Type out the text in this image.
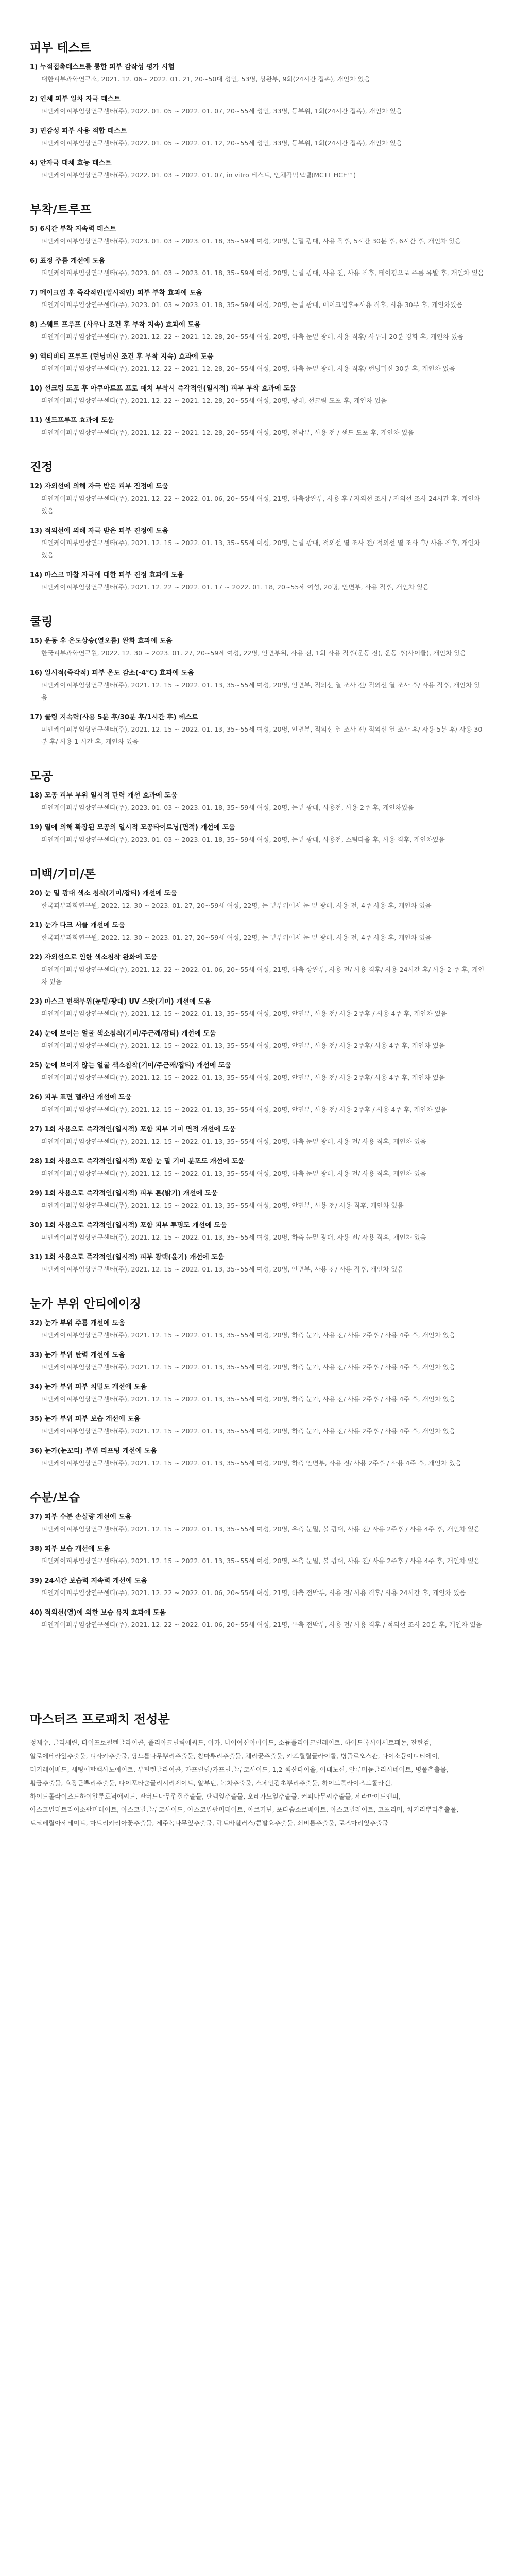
피부 테스트

1) 누적접촉테스트를 통한 피부 감작성 평가 시험

대한피부과학연구소, 2021. 12. 06~ 2022. 01. 21, 20~50대 성인, 53명, 상완부, 9회(24시간 접촉), 개인차 있음

2) 인체 피부 일차 자극 테스트

피엔케이피부임상연구센타(주), 2022. 01. 05 ~ 2022. 01. 07, 20~55세 성인, 33명, 등부위, 1회(24시간 접촉), 개인차 있음

3) 민감성 피부 사용 적합 테스트

피엔케이피부임상연구센타(주), 2022. 01. 05 ~ 2022. 01. 12, 20~55세 성인, 33명, 등부위, 1회(24시간 접촉), 개인차 있음

4) 안자극 대체 효능 테스트

피엔케이피부임상연구센타(주), 2022. 01. 03 ~ 2022. 01. 07, in vitro 테스트, 인체각막모델(MCTT HCE™)

부착/트루프

5) 6시간 부착 지속력 테스트

피엔케이피부임상연구센타(주), 2023. 01. 03 ~ 2023. 01. 18, 35~59세 여성, 20명, 눈밑 광대, 사용 직후, 5시간 30분 후, 6시간 후, 개인차 있음

6) 표정 주름 개선에 도움

피엔케이피부임상연구센타(주), 2023. 01. 03 ~ 2023. 01. 18, 35~59세 여성, 20명, 눈밑 광대, 사용 전, 사용 직후, 테이핑으로 주름 유발 후, 개인차 있음

7) 메이크업 후 즉각적인(일시적인) 피부 부착 효과에 도움

피엔케이피부임상연구센타(주), 2023. 01. 03 ~ 2023. 01. 18, 35~59세 여성, 20명, 눈밑 광대, 메이크업후+사용 직후, 사용 30부 후, 개인차있음

8) 스웨트 프루프 (사우나 조건 후 부착 지속) 효과에 도움

피엔케이피부임상연구센타(주), 2021. 12. 22 ~ 2021. 12. 28, 20~55세 여성, 20명, 하측 눈밑 광대, 사용 직후/ 사우나 20분 경화 후, 개인차 있음

9) 액티비티 프루프 (런닝머신 조건 후 부착 지속) 효과에 도움

피엔케이피부임상연구센타(주), 2021. 12. 22 ~ 2021. 12. 28, 20~55세 여성, 20명, 하측 눈밑 광대, 사용 직후/ 런닝머신 30분 후, 개인차 있음

10) 선크림 도포 후 아쿠아트프 프로 패치 부착시 즉각적인(일시적) 피부 부착 효과에 도움

피엔케이피부임상연구센타(주), 2021. 12. 22 ~ 2021. 12. 28, 20~55세 여성, 20명, 광대, 선크림 도포 후, 개인차 있음

11) 샌드프루프 효과에 도움

피엔케이피부임상연구센타(주), 2021. 12. 22 ~ 2021. 12. 28, 20~55세 여성, 20명, 전박부, 사용 전 / 샌드 도포 후, 개인차 있음

진정

12) 자외선에 의해 자극 받은 피부 진정에 도움

피엔케이피부임상연구센타(주), 2021. 12. 22 ~ 2022. 01. 06, 20~55세 여성, 21명, 하측상완부, 사용 후 / 자외선 조사 / 자외선 조사 24시간 후, 개인차 있음

13) 적외선에 의해 자극 받은 피부 진정에 도움

피엔케이피부임상연구센타(주), 2021. 12. 15 ~ 2022. 01. 13, 35~55세 여성, 20명, 눈밑 광대, 적외선 열 조사 전/ 적외선 열 조사 후/ 사용 직후, 개인차 있음

14) 마스크 마찰 자극에 대한 피부 진정 효과에 도움

피엔케이피부임상연구센타(주), 2021. 12. 22 ~ 2022. 01. 17 ~ 2022. 01. 18, 20~55세 여성, 20명, 안면부, 사용 직후, 개인차 있음

쿨링

15) 운동 후 온도상승(열오름) 완화 효과에 도움

한국피부과학연구원, 2022. 12. 30 ~ 2023. 01. 27, 20~59세 여성, 22명, 안면부위, 사용 전, 1회 사용 직후(운동 전), 운동 후(사이클), 개인차 있음

16) 일시적(즉각적) 피부 온도 감소(-4°C) 효과에 도움

피엔케이피부임상연구센타(주), 2021. 12. 15 ~ 2022. 01. 13, 35~55세 여성, 20명, 안면부, 적외선 열 조사 전/ 적외선 열 조사 후/ 사용 직후, 개인차 있음

17) 쿨링 지속력(사용 5분 후/30분 후/1시간 후) 테스트

피엔케이피부임상연구센타(주), 2021. 12. 15 ~ 2022. 01. 13, 35~55세 여성, 20명, 안면부, 적외선 열 조사 전/ 적외선 열 조사 후/ 사용 5분 후/ 사용 30분 후/ 사용 1 시간 후, 개인차 있음

모공

18) 모공 피부 부위 일시적 탄력 개선 효과에 도움

피엔케이피부임상연구센타(주), 2023. 01. 03 ~ 2023. 01. 18, 35~59세 여성, 20명, 눈밑 광대, 사용전, 사용 2주 후, 개인차있음

19) 열에 의해 확장된 모공의 일시적 모공타이트닝(면적) 개선에 도움

피엔케이피부임상연구센타(주), 2023. 01. 03 ~ 2023. 01. 18, 35~59세 여성, 20명, 눈밑 광대, 사용전, 스팀타올 후, 사용 직후, 개인차있음

미백/기미/톤

20) 눈 밑 광대 색소 침착(기미/잡티) 개선에 도움

한국피부과학연구원, 2022. 12. 30 ~ 2023. 01. 27, 20~59세 여성, 22명, 눈 밑부위에서 눈 밑 광대, 사용 전, 4주 사용 후, 개인차 있음

21) 눈가 다크 서클 개선에 도움

한국피부과학연구원, 2022. 12. 30 ~ 2023. 01. 27, 20~59세 여성, 22명, 눈 밑부위에서 눈 밑 광대, 사용 전, 4주 사용 후, 개인차 있음

22) 자외선으로 인한 색소침착 완화에 도움

피엔케이피부임상연구센타(주), 2021. 12. 22 ~ 2022. 01. 06, 20~55세 여성, 21명, 하측 상완부, 사용 전/ 사용 직후/ 사용 24시간 후/ 사용 2 주 후, 개인차 있음

23) 마스크 변색부위(눈밑/광대) UV 스팟(기미) 개선에 도움

피엔케이피부임상연구센타(주), 2021. 12. 15 ~ 2022. 01. 13, 35~55세 여성, 20명, 안면부, 사용 전/ 사용 2주후 / 사용 4주 후, 개인차 있음

24) 눈에 보이는 얼굴 색소침착(기미/주근깨/잡티) 개선에 도움

피엔케이피부임상연구센타(주), 2021. 12. 15 ~ 2022. 01. 13, 35~55세 여성, 20명, 안면부, 사용 전/ 사용 2주후/ 사용 4주 후, 개인차 있음

25) 눈에 보이지 않는 얼굴 색소침착(기미/주근깨/잡티) 개선에 도움

피엔케이피부임상연구센타(주), 2021. 12. 15 ~ 2022. 01. 13, 35~55세 여성, 20명, 안면부, 사용 전/ 사용 2주후/ 사용 4주 후, 개인차 있음

26) 피부 표면 멜라닌 개선에 도움

피엔케이피부임상연구센타(주), 2021. 12. 15 ~ 2022. 01. 13, 35~55세 여성, 20명, 안면부, 사용 전/ 사용 2주후 / 사용 4주 후, 개인차 있음

27) 1회 사용으로 즉각적인(일시적) 포함 피부 기미 면적 개선에 도움

피엔케이피부임상연구센타(주), 2021. 12. 15 ~ 2022. 01. 13, 35~55세 여성, 20명, 하측 눈밑 광대, 사용 전/ 사용 직후, 개인차 있음

28) 1회 사용으로 즉각적인(일시적) 포함 눈 밑 기미 분포도 개선에 도움

피엔케이피부임상연구센타(주), 2021. 12. 15 ~ 2022. 01. 13, 35~55세 여성, 20명, 하측 눈밑 광대, 사용 전/ 사용 직후, 개인차 있음

29) 1회 사용으로 즉각적인(일시적) 피부 톤(밝기) 개선에 도움

피엔케이피부임상연구센타(주), 2021. 12. 15 ~ 2022. 01. 13, 35~55세 여성, 20명, 안면부, 사용 전/ 사용 직후, 개인차 있음

30) 1회 사용으로 즉각적인(일시적) 포함 피부 투명도 개선에 도움

피엔케이피부임상연구센타(주), 2021. 12. 15 ~ 2022. 01. 13, 35~55세 여성, 20명, 하측 눈밑 광대, 사용 전/ 사용 직후, 개인차 있음

31) 1회 사용으로 즉각적인(일시적) 피부 광택(윤기) 개선에 도움

피엔케이피부임상연구센타(주), 2021. 12. 15 ~ 2022. 01. 13, 35~55세 여성, 20명, 안면부, 사용 전/ 사용 직후, 개인차 있음

눈가 부위 안티에이징

32) 눈가 부위 주름 개선에 도움

피엔케이피부임상연구센타(주), 2021. 12. 15 ~ 2022. 01. 13, 35~55세 여성, 20명, 하측 눈가, 사용 전/ 사용 2주후 / 사용 4주 후, 개인차 있음

33) 눈가 부위 탄력 개선에 도움

피엔케이피부임상연구센타(주), 2021. 12. 15 ~ 2022. 01. 13, 35~55세 여성, 20명, 하측 눈가, 사용 전/ 사용 2주후 / 사용 4주 후, 개인차 있음

34) 눈가 부위 피부 치밀도 개선에 도움

피엔케이피부임상연구센타(주), 2021. 12. 15 ~ 2022. 01. 13, 35~55세 여성, 20명, 하측 눈가, 사용 전/ 사용 2주후 / 사용 4주 후, 개인차 있음

35) 눈가 부위 피부 보습 개선에 도움

피엔케이피부임상연구센타(주), 2021. 12. 15 ~ 2022. 01. 13, 35~55세 여성, 20명, 하측 눈가, 사용 전/ 사용 2주후 / 사용 4주 후, 개인차 있음

36) 눈가(눈꼬리) 부위 리프팅 개선에 도움

피엔케이피부임상연구센타(주), 2021. 12. 15 ~ 2022. 01. 13, 35~55세 여성, 20명, 하측 안면부, 사용 전/ 사용 2주후 / 사용 4주 후, 개인차 있음

수분/보습

37) 피부 수분 손실량 개선에 도움

피엔케이피부임상연구센타(주), 2021. 12. 15 ~ 2022. 01. 13, 35~55세 여성, 20명, 우측 눈밑, 볼 광대, 사용 전/ 사용 2주후 / 사용 4주 후, 개인차 있음

38) 피부 보습 개선에 도움

피엔케이피부임상연구센타(주), 2021. 12. 15 ~ 2022. 01. 13, 35~55세 여성, 20명, 우측 눈밑, 볼 광대, 사용 전/ 사용 2주후 / 사용 4주 후, 개인차 있음

39) 24시간 보습력 지속력 개선에 도움

피엔케이피부임상연구센타(주), 2021. 12. 22 ~ 2022. 01. 06, 20~55세 여성, 21명, 하측 전박부, 사용 전/ 사용 직후/ 사용 24시간 후, 개인차 있음

40) 적외선(열)에 의한 보습 유지 효과에 도움

피엔케이피부임상연구센타(주), 2021. 12. 22 ~ 2022. 01. 06, 20~55세 여성, 21명, 우측 전박부, 사용 전/ 사용 직후 / 적외선 조사 20분 후, 개인차 있음

마스터즈 프로패치 전성분

정제수, 글리세린, 다이프로필렌글라이콜, 폴리아크릴릭애씨드, 아가, 나이아신아마이드, 소듐폴리아크릴레이트, 하이드록시아세토페논, 잔탄검, 알로에베라잎추출물, 디사카추출물, 당느릅나무뿌리추출물, 참마뿌리추출물, 체리꽃추출물, 카프릴릴글라이콜, 병풀로오스관, 다이소듐이디티에이, 터키레이베드, 세팅에탈핵사노에이트, 부틸렌글라이콜, 카프릴릴/카프릴글루코사이드, 1,2-헥산다이올, 아데노신, 알루미늄글리시네이트, 병풀추출물, 황금추출물, 호장근뿌리추출물, 다이포타슘글리시리제이트, 알부틴, 녹차추출물, 스페인감초뿌리추출물, 하이드롤라이즈드콜라겐, 하이드롤라이즈드하이알루로닉애씨드, 판버드나무껍질추출물, 판맥잎추출물, 오레가노잎추출물, 커피나무씨추출물, 세라마이드엔피, 아스코빌테트라이소팔미테이트, 아스코빌글루코사이드, 아스코빌팔미테이트, 아르기닌, 포타슘소르베이트, 아스코빌레이트, 코포리머, 치커리뿌리추출물, 토코페릴아세테이트, 마트리카리아꽃추출물, 제주녹나무잎추출물, 락토바실러스/콩발효추출물, 쇠비름추출물, 로즈마리잎추출물
